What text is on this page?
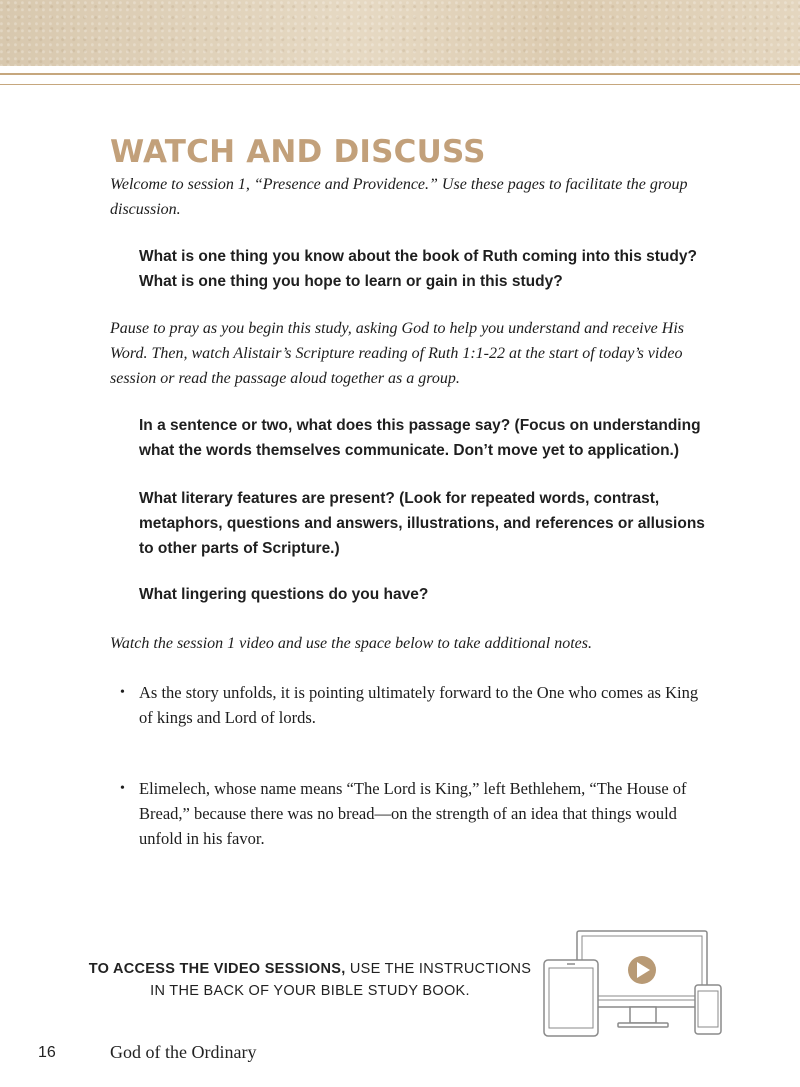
WATCH AND DISCUSS

Welcome to session 1, “Presence and Providence.” Use these pages to facilitate the group discussion.

What is one thing you know about the book of Ruth coming into this study? What is one thing you hope to learn or gain in this study?

Pause to pray as you begin this study, asking God to help you understand and receive His Word. Then, watch Alistair’s Scripture reading of Ruth 1:1-22 at the start of today’s video session or read the passage aloud together as a group.

In a sentence or two, what does this passage say? (Focus on understanding what the words themselves communicate. Don’t move yet to application.)

What literary features are present? (Look for repeated words, contrast, metaphors, questions and answers, illustrations, and references or allusions to other parts of Scripture.)

What lingering questions do you have?

Watch the session 1 video and use the space below to take additional notes.

• As the story unfolds, it is pointing ultimately forward to the One who comes as King of kings and Lord of lords.
• Elimelech, whose name means “The Lord is King,” left Bethlehem, “The House of Bread,” because there was no bread—on the strength of an idea that things would unfold in his favor.

TO ACCESS THE VIDEO SESSIONS, USE THE INSTRUCTIONS
IN THE BACK OF YOUR BIBLE STUDY BOOK.

16	God of the Ordinary
